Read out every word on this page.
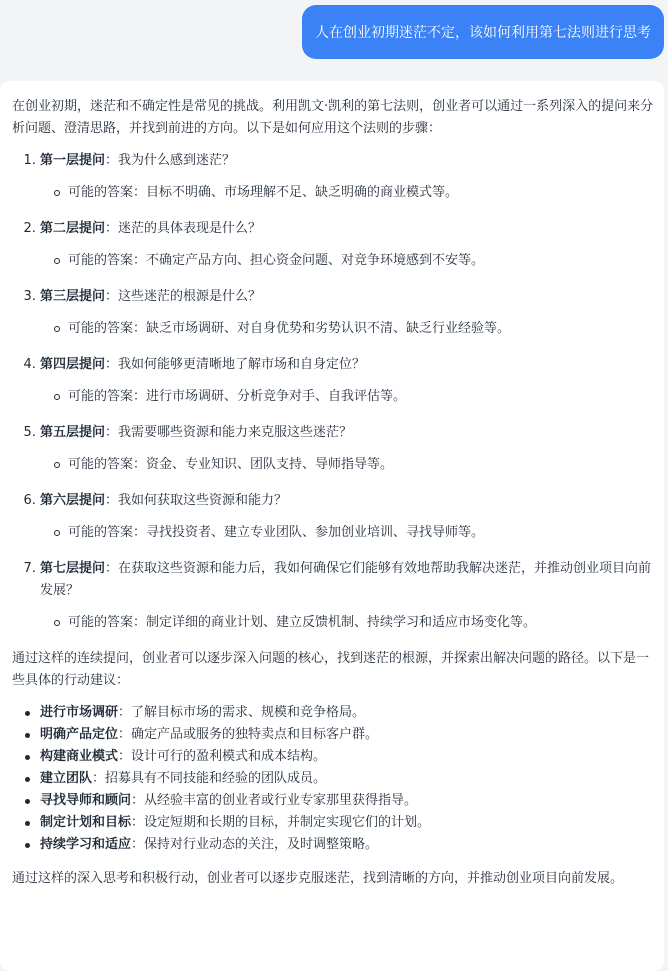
人在创业初期迷茫不定，该如何利用第七法则进行思考

在创业初期，迷茫和不确定性是常见的挑战。利用凯文·凯利的第七法则，创业者可以通过一系列深入的提问来分析问题、澄清思路，并找到前进的方向。以下是如何应用这个法则的步骤：

1. 第一层提问：我为什么感到迷茫？
可能的答案：目标不明确、市场理解不足、缺乏明确的商业模式等。
2. 第二层提问：迷茫的具体表现是什么？
可能的答案：不确定产品方向、担心资金问题、对竞争环境感到不安等。
3. 第三层提问：这些迷茫的根源是什么？
可能的答案：缺乏市场调研、对自身优势和劣势认识不清、缺乏行业经验等。
4. 第四层提问：我如何能够更清晰地了解市场和自身定位？
可能的答案：进行市场调研、分析竞争对手、自我评估等。
5. 第五层提问：我需要哪些资源和能力来克服这些迷茫？
可能的答案：资金、专业知识、团队支持、导师指导等。
6. 第六层提问：我如何获取这些资源和能力？
可能的答案：寻找投资者、建立专业团队、参加创业培训、寻找导师等。
7. 第七层提问：在获取这些资源和能力后，我如何确保它们能够有效地帮助我解决迷茫，并推动创业项目向前发展？
可能的答案：制定详细的商业计划、建立反馈机制、持续学习和适应市场变化等。

通过这样的连续提问，创业者可以逐步深入问题的核心，找到迷茫的根源，并探索出解决问题的路径。以下是一些具体的行动建议：

进行市场调研：了解目标市场的需求、规模和竞争格局。
明确产品定位：确定产品或服务的独特卖点和目标客户群。
构建商业模式：设计可行的盈利模式和成本结构。
建立团队：招募具有不同技能和经验的团队成员。
寻找导师和顾问：从经验丰富的创业者或行业专家那里获得指导。
制定计划和目标：设定短期和长期的目标，并制定实现它们的计划。
持续学习和适应：保持对行业动态的关注，及时调整策略。

通过这样的深入思考和积极行动，创业者可以逐步克服迷茫，找到清晰的方向，并推动创业项目向前发展。
